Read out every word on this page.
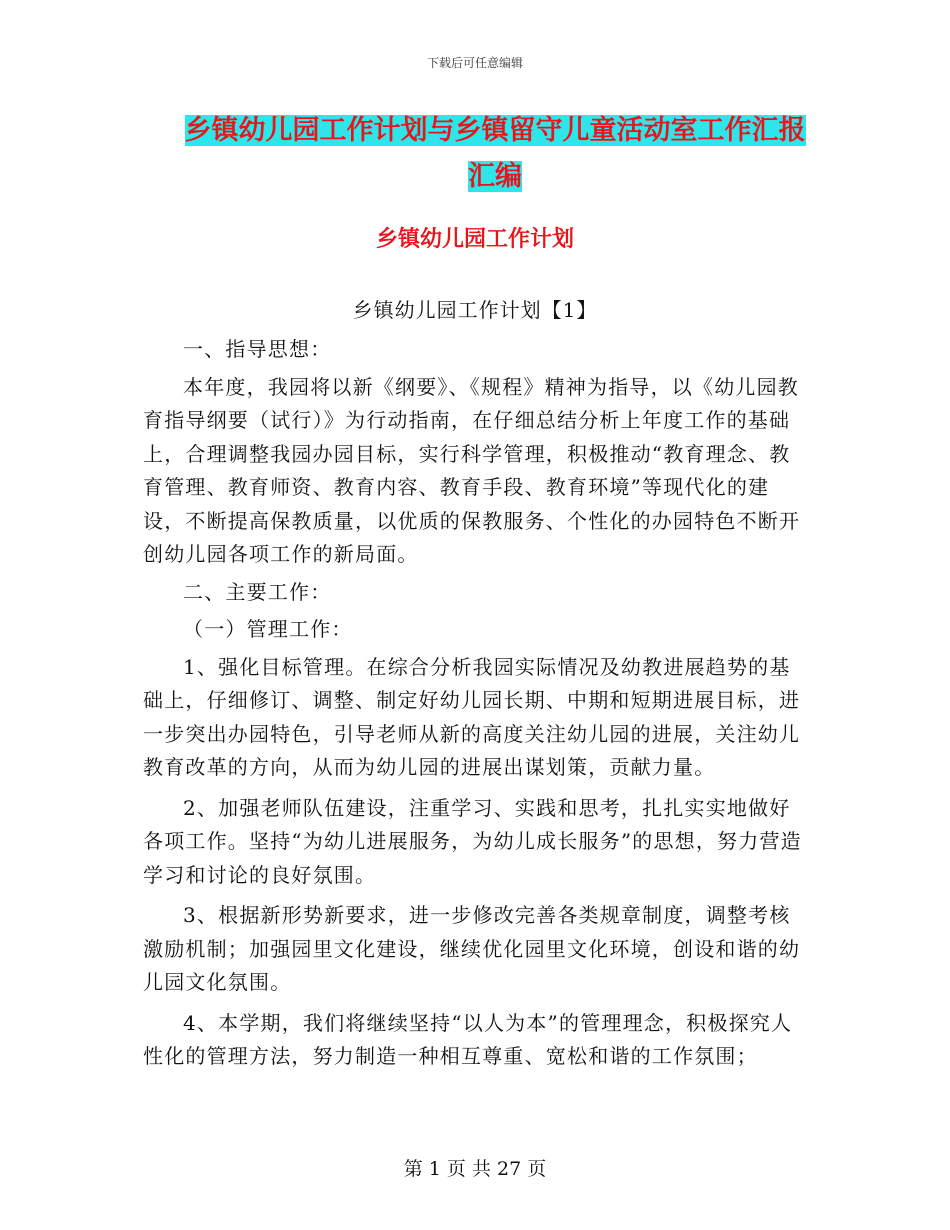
下载后可任意编辑
乡镇幼儿园工作计划与乡镇留守儿童活动室工作汇报
汇编
乡镇幼儿园工作计划
乡镇幼儿园工作计划【1】

一、指导思想：

本年度，我园将以新《纲要》、《规程》精神为指导，以《幼儿园教育指导纲要（试行）》为行动指南，在仔细总结分析上年度工作的基础上，合理调整我园办园目标，实行科学管理，积极推动“教育理念、教育管理、教育师资、教育内容、教育手段、教育环境”等现代化的建设，不断提高保教质量，以优质的保教服务、个性化的办园特色不断开创幼儿园各项工作的新局面。

二、主要工作：

（一）管理工作：

1、强化目标管理。在综合分析我园实际情况及幼教进展趋势的基础上，仔细修订、调整、制定好幼儿园长期、中期和短期进展目标，进一步突出办园特色，引导老师从新的高度关注幼儿园的进展，关注幼儿教育改革的方向，从而为幼儿园的进展出谋划策，贡献力量。

2、加强老师队伍建设，注重学习、实践和思考，扎扎实实地做好各项工作。坚持“为幼儿进展服务，为幼儿成长服务”的思想，努力营造学习和讨论的良好氛围。

3、根据新形势新要求，进一步修改完善各类规章制度，调整考核激励机制；加强园里文化建设，继续优化园里文化环境，创设和谐的幼儿园文化氛围。

4、本学期，我们将继续坚持“以人为本”的管理理念，积极探究人性化的管理方法，努力制造一种相互尊重、宽松和谐的工作氛围；

第 1 页 共 27 页
